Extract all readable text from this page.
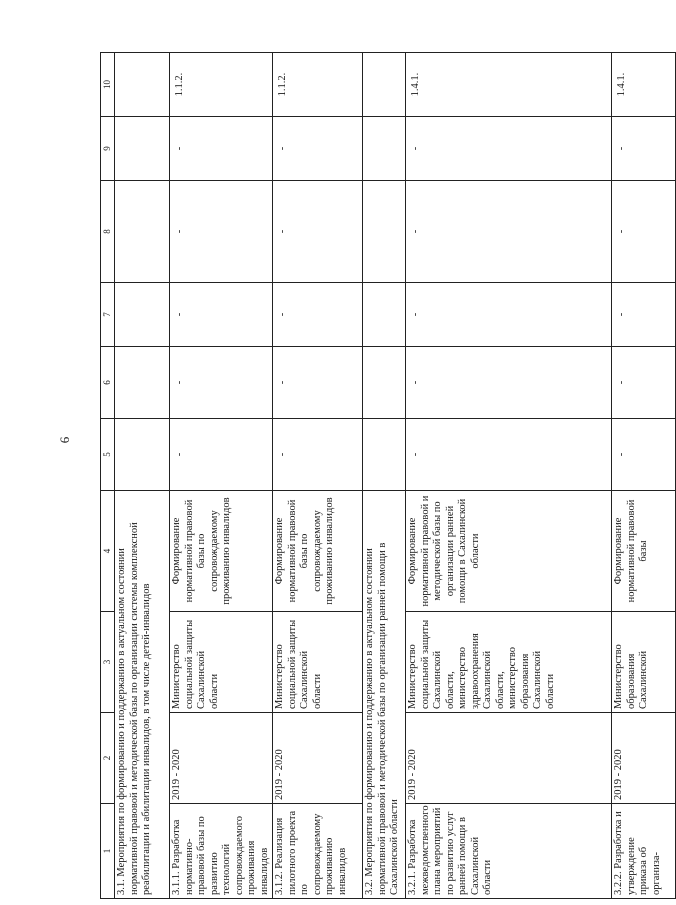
6
1	2	3	4	5	6	7	8	9	10
3.1. Мероприятия по формированию и поддержанию в актуальном состоянии нормативной правовой и методической базы по организации системы комплексной реабилитации и абилитации инвалидов, в том числе детей-инвалидов									
3.1.1. Разработка нормативно-правовой базы по развитию технологий сопровождаемого проживания инвалидов	2019 - 2020	Министерство социальной защиты Сахалинской области	Формирование нормативной правовой базы по сопровождаемому проживанию инвалидов	-	-	-	-	-	1.1.2.
3.1.2. Реализация пилотного проекта по сопровождаемому проживанию инвалидов	2019 - 2020	Министерство социальной защиты Сахалинской области	Формирование нормативной правовой базы по сопровождаемому проживанию инвалидов	-	-	-	-	-	1.1.2.
3.2. Мероприятия по формированию и поддержанию в актуальном состоянии нормативной правовой и методической базы по организации ранней помощи в Сахалинской области									
3.2.1. Разработка межведомственного плана мероприятий по развитию услуг ранней помощи в Сахалинской области	2019 - 2020	Министерство социальной защиты Сахалинской области, министерство здравоохранения Сахалинской области, министерство образования Сахалинской области	Формирование нормативной правовой и методической базы по организации ранней помощи в Сахалинской области	-	-	-	-	-	1.4.1.
3.2.2. Разработка и утверждение приказа об организа-	2019 - 2020	Министерство образования Сахалинской	Формирование нормативной правовой базы	-	-	-	-	-	1.4.1.
